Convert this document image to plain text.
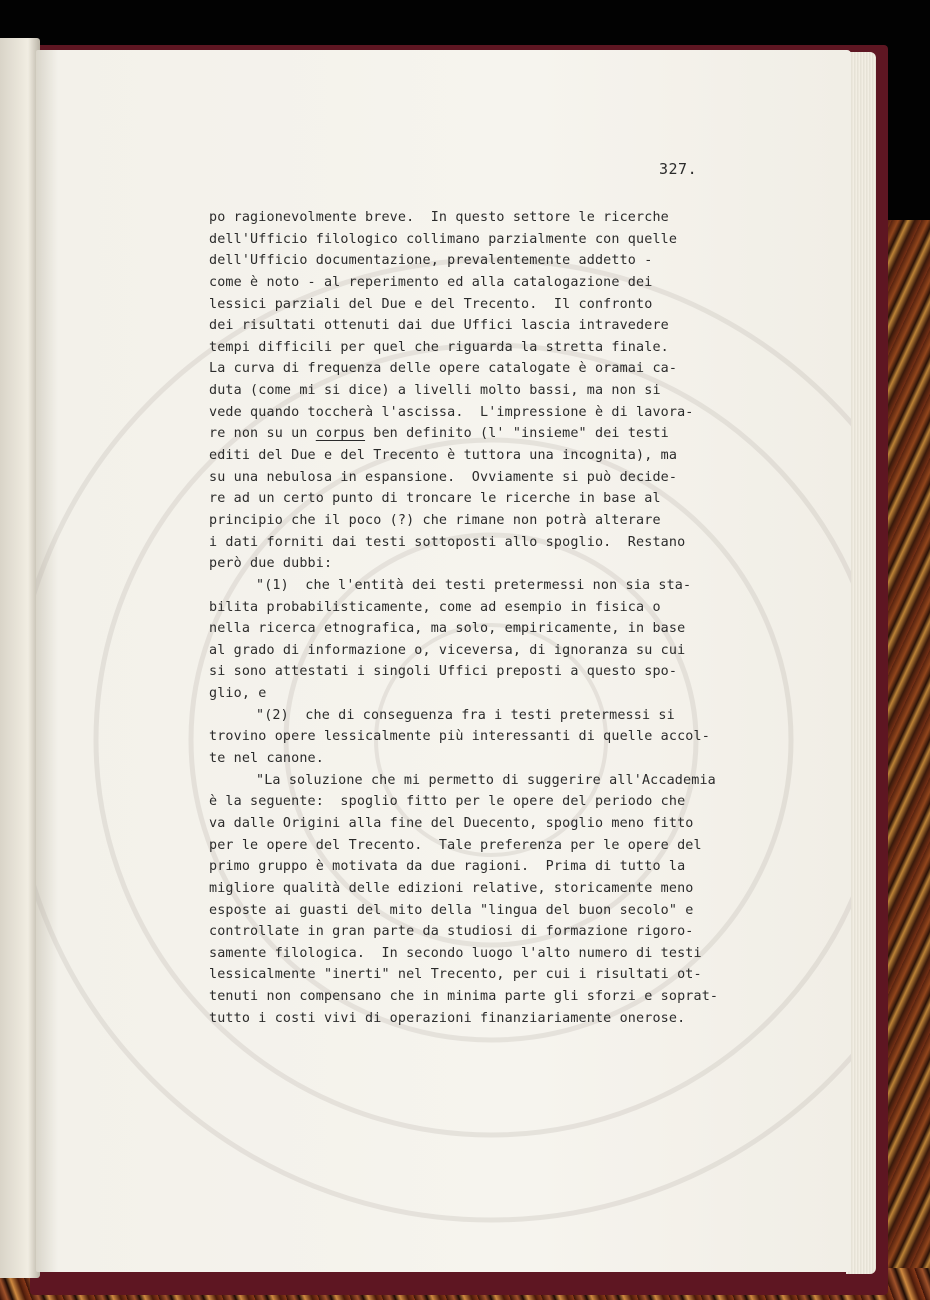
327.
po ragionevolmente breve.  In questo settore le ricerche
dell'Ufficio filologico collimano parzialmente con quelle
dell'Ufficio documentazione, prevalentemente addetto -
come è noto - al reperimento ed alla catalogazione dei
lessici parziali del Due e del Trecento.  Il confronto
dei risultati ottenuti dai due Uffici lascia intravedere
tempi difficili per quel che riguarda la stretta finale.
La curva di frequenza delle opere catalogate è oramai ca-
duta (come mi si dice) a livelli molto bassi, ma non si
vede quando toccherà l'ascissa.  L'impressione è di lavora-
re non su un corpus ben definito (l' "insieme" dei testi
editi del Due e del Trecento è tuttora una incognita), ma
su una nebulosa in espansione.  Ovviamente si può decide-
re ad un certo punto di troncare le ricerche in base al
principio che il poco (?) che rimane non potrà alterare
i dati forniti dai testi sottoposti allo spoglio.  Restano
però due dubbi:
"(1)  che l'entità dei testi pretermessi non sia sta-
bilita probabilisticamente, come ad esempio in fisica o
nella ricerca etnografica, ma solo, empiricamente, in base
al grado di informazione o, viceversa, di ignoranza su cui
si sono attestati i singoli Uffici preposti a questo spo-
glio, e
"(2)  che di conseguenza fra i testi pretermessi si
trovino opere lessicalmente più interessanti di quelle accol-
te nel canone.
"La soluzione che mi permetto di suggerire all'Accademia
è la seguente:  spoglio fitto per le opere del periodo che
va dalle Origini alla fine del Duecento, spoglio meno fitto
per le opere del Trecento.  Tale preferenza per le opere del
primo gruppo è motivata da due ragioni.  Prima di tutto la
migliore qualità delle edizioni relative, storicamente meno
esposte ai guasti del mito della "lingua del buon secolo" e
controllate in gran parte da studiosi di formazione rigoro-
samente filologica.  In secondo luogo l'alto numero di testi
lessicalmente "inerti" nel Trecento, per cui i risultati ot-
tenuti non compensano che in minima parte gli sforzi e soprat-
tutto i costi vivi di operazioni finanziariamente onerose.
